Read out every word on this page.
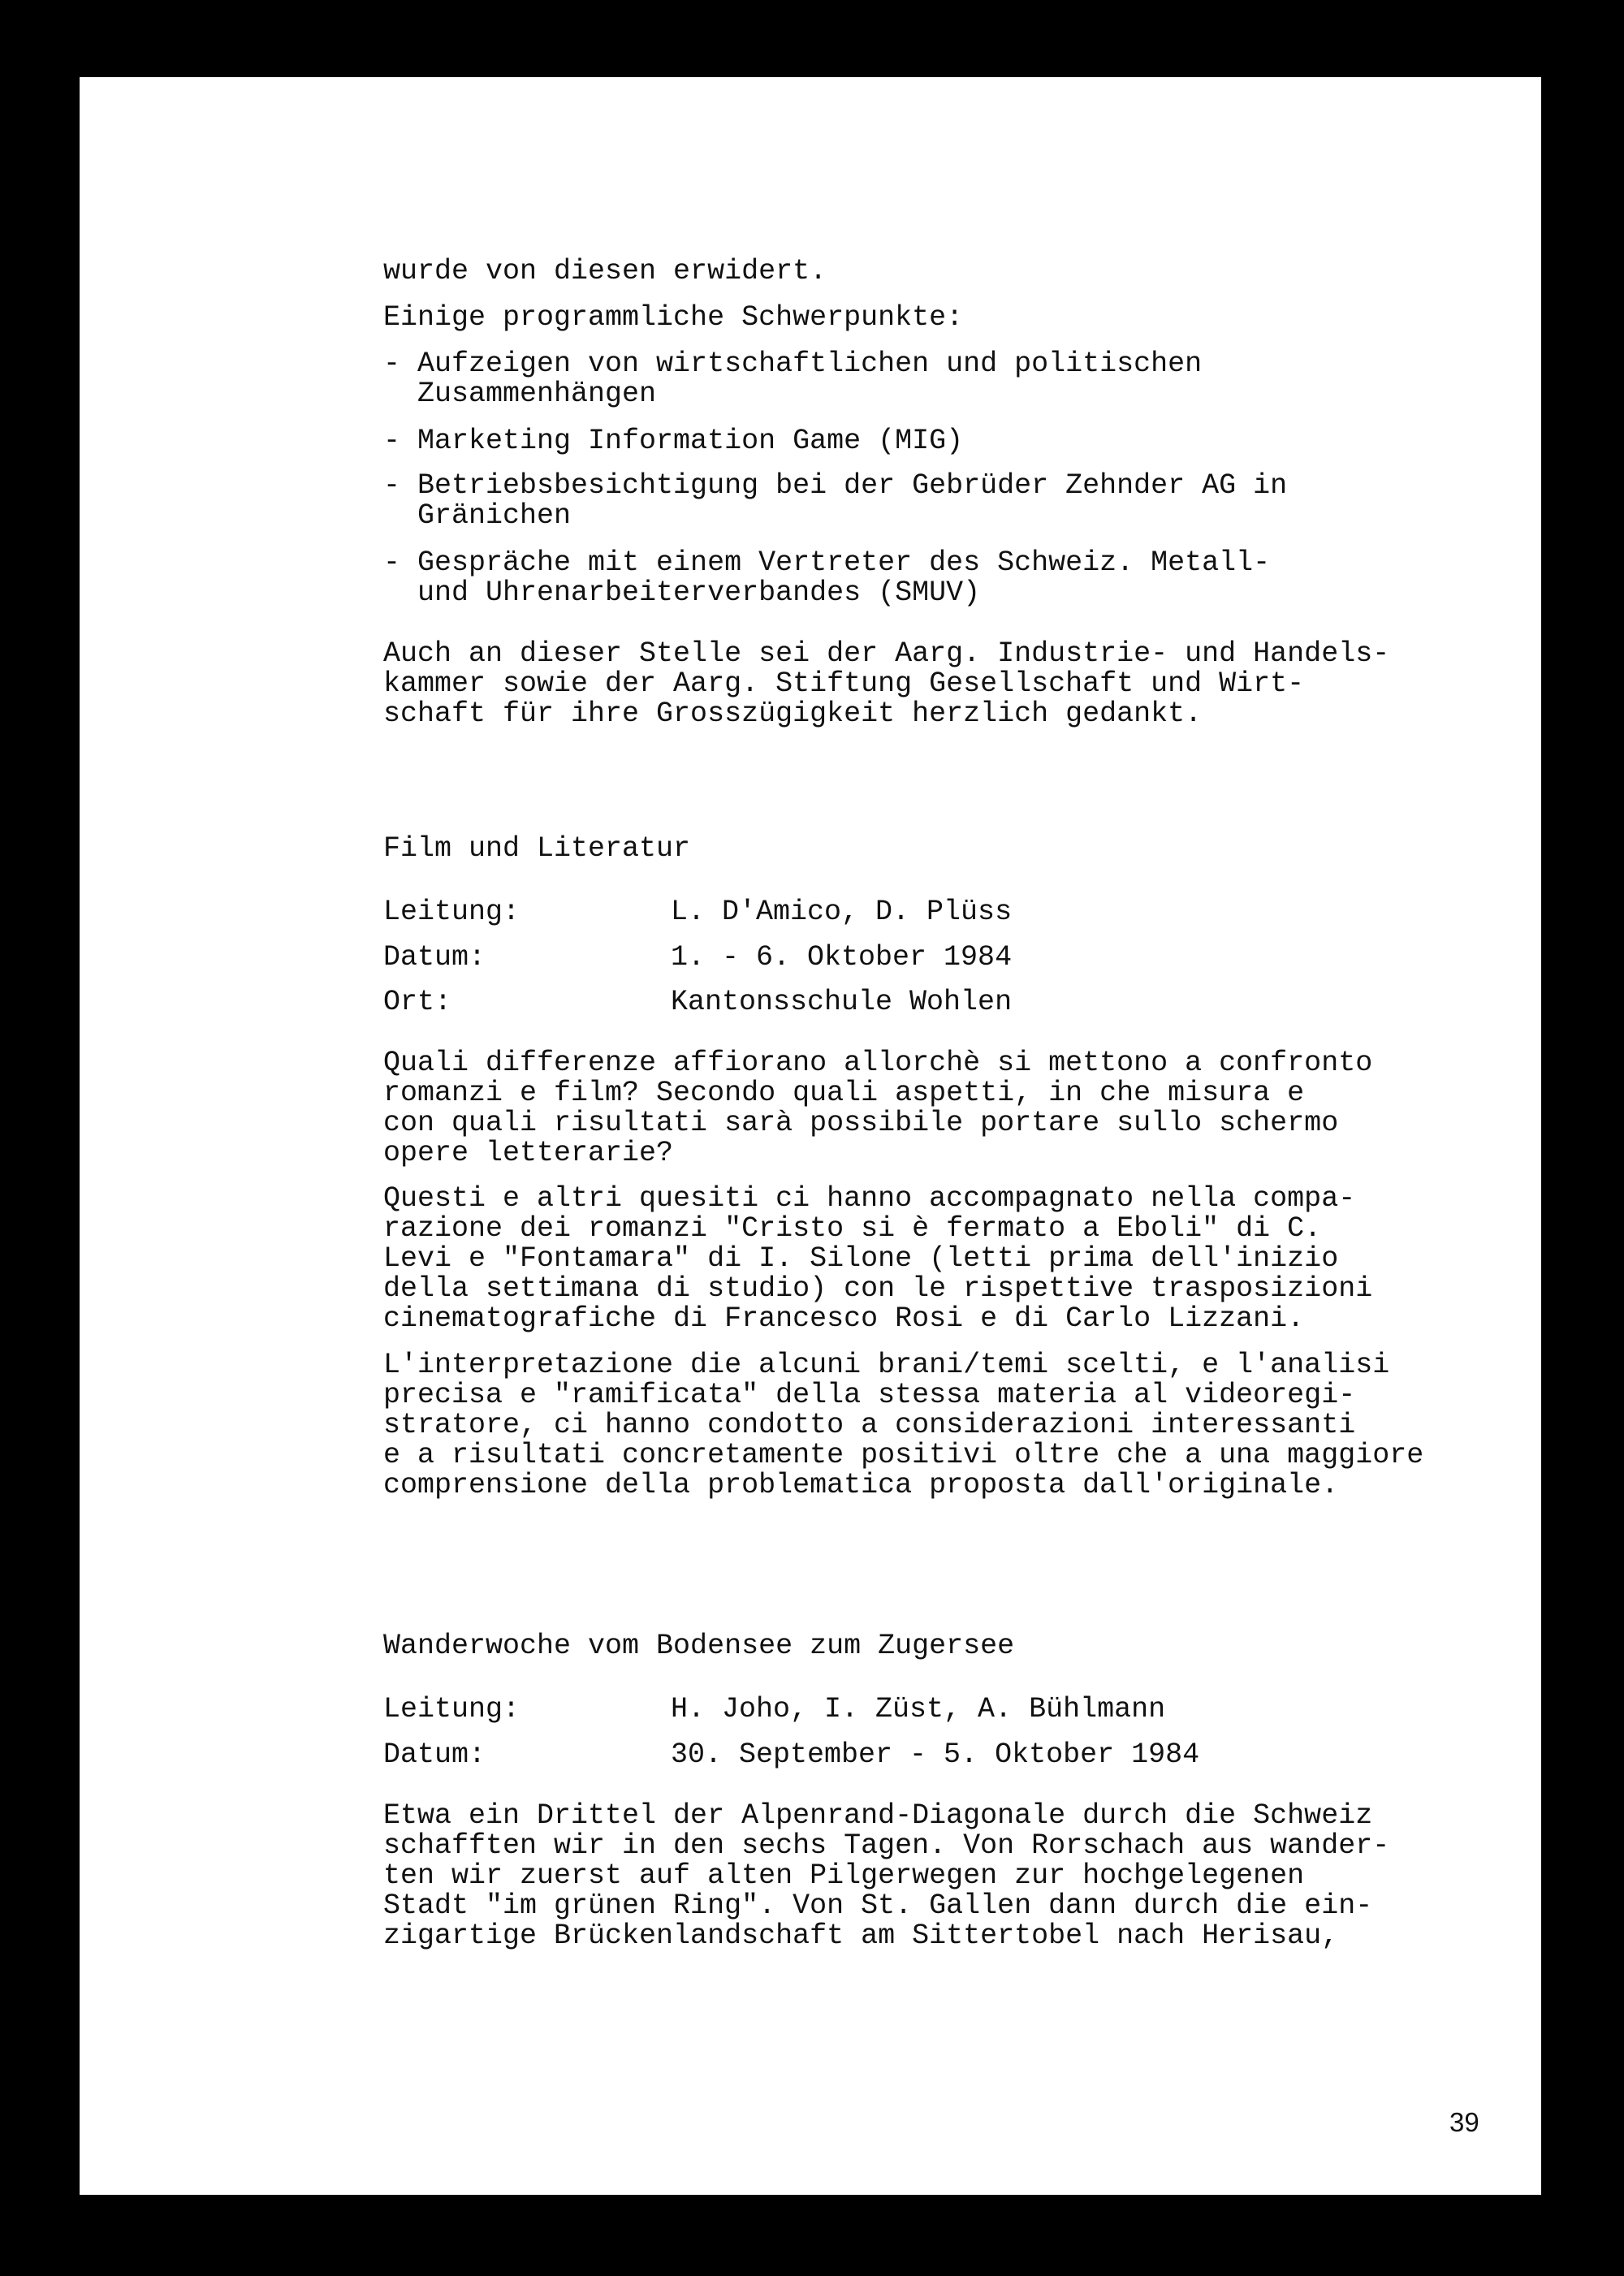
wurde von diesen erwidert.
Einige programmliche Schwerpunkte:
- Aufzeigen von wirtschaftlichen und politischen
Zusammenhängen
- Marketing Information Game (MIG)
- Betriebsbesichtigung bei der Gebrüder Zehnder AG in
Gränichen
- Gespräche mit einem Vertreter des Schweiz. Metall-
und Uhrenarbeiterverbandes (SMUV)
Auch an dieser Stelle sei der Aarg. Industrie- und Handels-
kammer sowie der Aarg. Stiftung Gesellschaft und Wirt-
schaft für ihre Grosszügigkeit herzlich gedankt.
Film und Literatur
Leitung:	L. D'Amico, D. Plüss
Datum:	1. - 6. Oktober 1984
Ort:	Kantonsschule Wohlen
Quali differenze affiorano allorchè si mettono a confronto
romanzi e film? Secondo quali aspetti, in che misura e
con quali risultati sarà possibile portare sullo schermo
opere letterarie?
Questi e altri quesiti ci hanno accompagnato nella compa-
razione dei romanzi "Cristo si è fermato a Eboli" di C.
Levi e "Fontamara" di I. Silone (letti prima dell'inizio
della settimana di studio) con le rispettive trasposizioni
cinematografiche di Francesco Rosi e di Carlo Lizzani.
L'interpretazione die alcuni brani/temi scelti, e l'analisi
precisa e "ramificata" della stessa materia al videoregi-
stratore, ci hanno condotto a considerazioni interessanti
e a risultati concretamente positivi oltre che a una maggiore
comprensione della problematica proposta dall'originale.
Wanderwoche vom Bodensee zum Zugersee
Leitung:	H. Joho, I. Züst, A. Bühlmann
Datum:	30. September - 5. Oktober 1984
Etwa ein Drittel der Alpenrand-Diagonale durch die Schweiz
schafften wir in den sechs Tagen. Von Rorschach aus wander-
ten wir zuerst auf alten Pilgerwegen zur hochgelegenen
Stadt "im grünen Ring". Von St. Gallen dann durch die ein-
zigartige Brückenlandschaft am Sittertobel nach Herisau,
39
